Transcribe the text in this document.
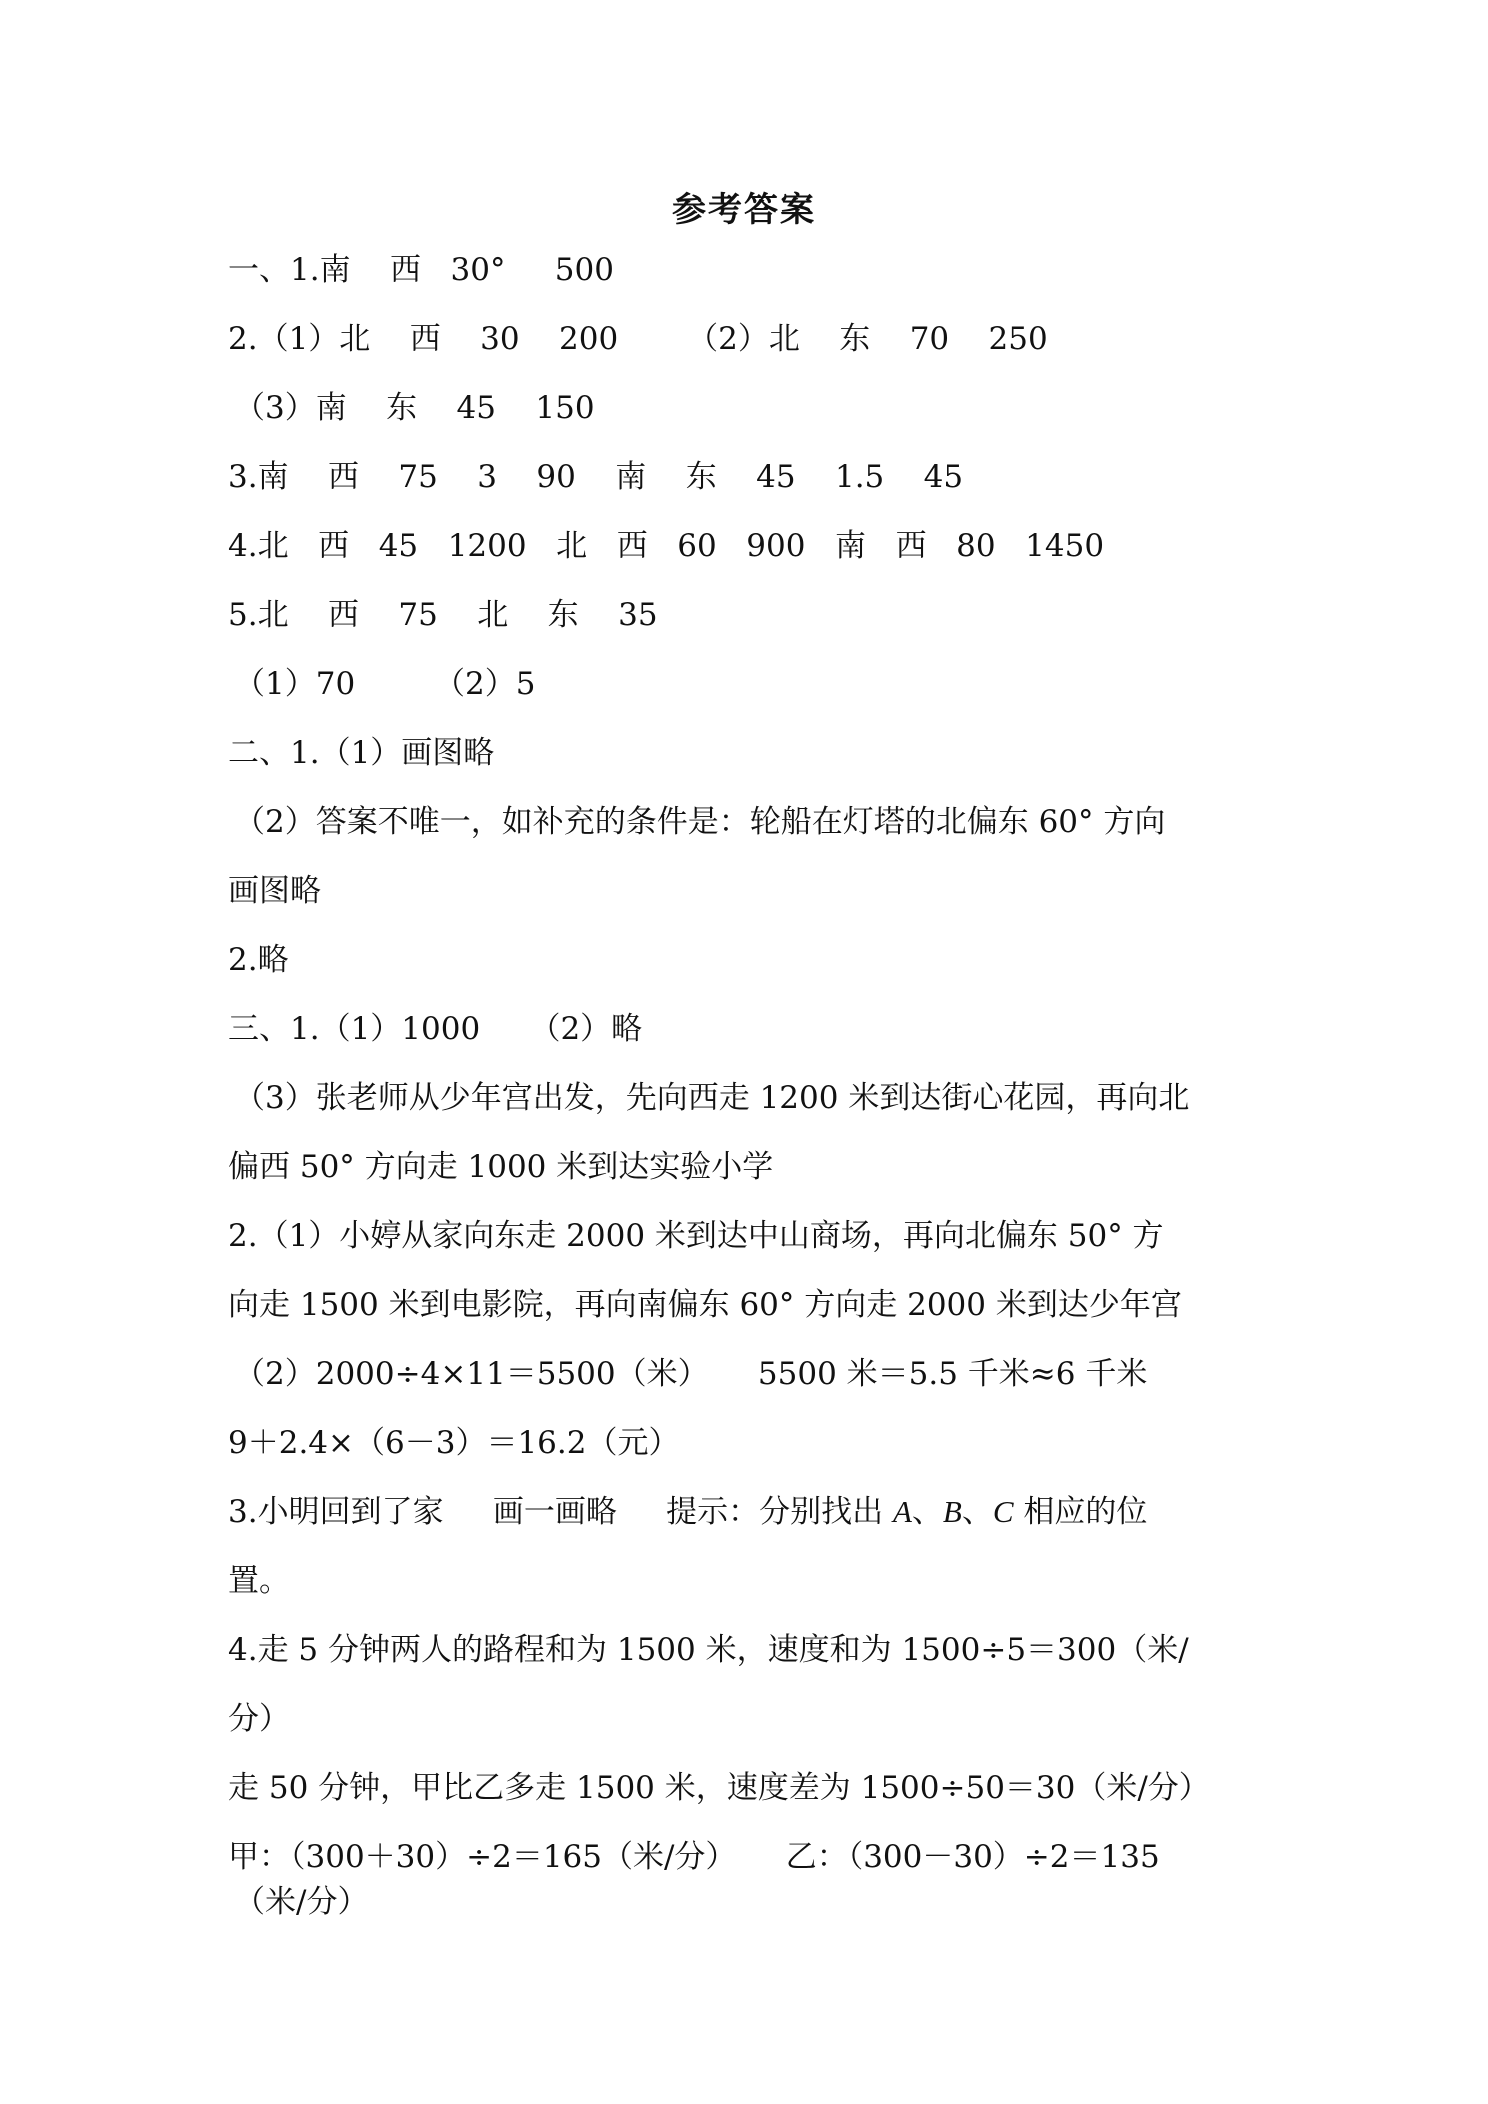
参考答案
一、1.南    西   30°     500
2.（1）北    西    30    200       （2）北    东    70    250
（3）南    东    45    150
3.南    西    75    3    90    南    东    45    1.5    45
4.北   西   45   1200   北   西   60   900   南   西   80   1450
5.北    西    75    北    东    35
（1）70        （2）5
二、1.（1）画图略
（2）答案不唯一，如补充的条件是：轮船在灯塔的北偏东 60° 方向
画图略
2.略
三、1.（1）1000     （2）略
（3）张老师从少年宫出发，先向西走 1200 米到达街心花园，再向北
偏西 50° 方向走 1000 米到达实验小学
2.（1）小婷从家向东走 2000 米到达中山商场，再向北偏东 50° 方
向走 1500 米到电影院，再向南偏东 60° 方向走 2000 米到达少年宫
（2）2000÷4×11＝5500（米）     5500 米＝5.5 千米≈6 千米
9＋2.4×（6－3）＝16.2（元）
3.小明回到了家     画一画略     提示：分别找出 A、B、C 相应的位
置。
4.走 5 分钟两人的路程和为 1500 米，速度和为 1500÷5＝300（米/
分）
走 50 分钟，甲比乙多走 1500 米，速度差为 1500÷50＝30（米/分）
甲：（300＋30）÷2＝165（米/分）     乙：（300－30）÷2＝135
（米/分）
